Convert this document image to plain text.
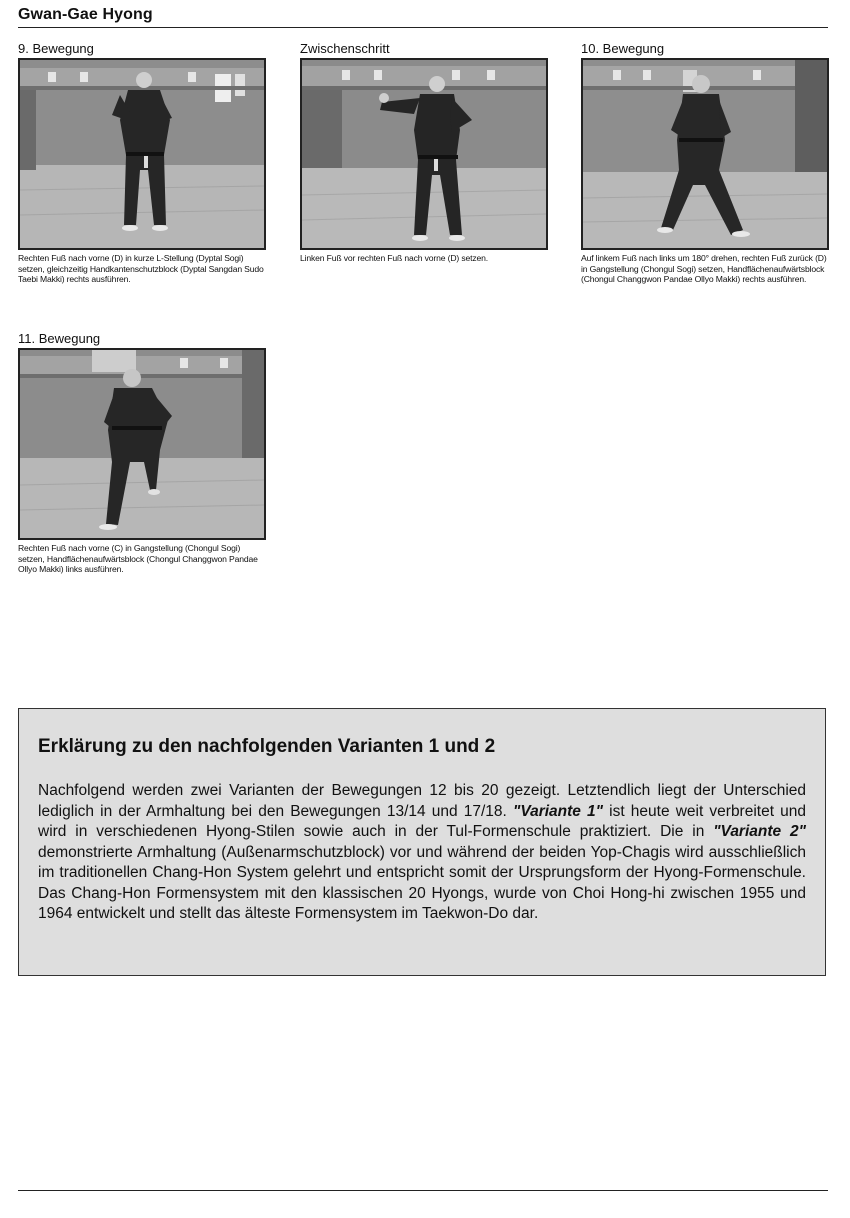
Gwan-Gae Hyong
9. Bewegung
Rechten Fuß nach vorne (D) in kurze L-Stellung (Dyptal Sogi) setzen, gleichzeitig Handkantenschutzblock (Dyptal Sangdan Sudo Taebi Makki) rechts ausführen.
Zwischenschritt
Linken Fuß vor rechten Fuß nach vorne (D) setzen.
10. Bewegung
Auf linkem Fuß nach links um 180° drehen, rechten Fuß zurück (D) in Gangstellung (Chongul Sogi) setzen, Handflächenaufwärtsblock (Chongul Changgwon Pandae Ollyo Makki) rechts ausführen.
11. Bewegung
Rechten Fuß nach vorne (C) in Gangstellung (Chongul Sogi) setzen, Handflächenaufwärtsblock (Chongul Changgwon Pandae Ollyo Makki) links ausführen.
Erklärung zu den nachfolgenden Varianten 1 und 2
Nachfolgend werden zwei Varianten der Bewegungen 12 bis 20 gezeigt. Letztendlich liegt der Unterschied lediglich in der Armhaltung bei den Bewegungen 13/14 und 17/18. "Variante 1" ist heute weit verbreitet und wird in verschiedenen Hyong-Stilen sowie auch in der Tul-Formenschule praktiziert. Die in "Variante 2" demonstrierte Armhaltung (Außenarmschutzblock) vor und während der beiden Yop-Chagis wird ausschließlich im traditionellen Chang-Hon System gelehrt und entspricht somit der Ursprungsform der Hyong-Formenschule. Das Chang-Hon Formensystem mit den klassischen 20 Hyongs, wurde von Choi Hong-hi zwischen 1955 und 1964 entwickelt und stellt das älteste Formensystem im Taekwon-Do dar.
